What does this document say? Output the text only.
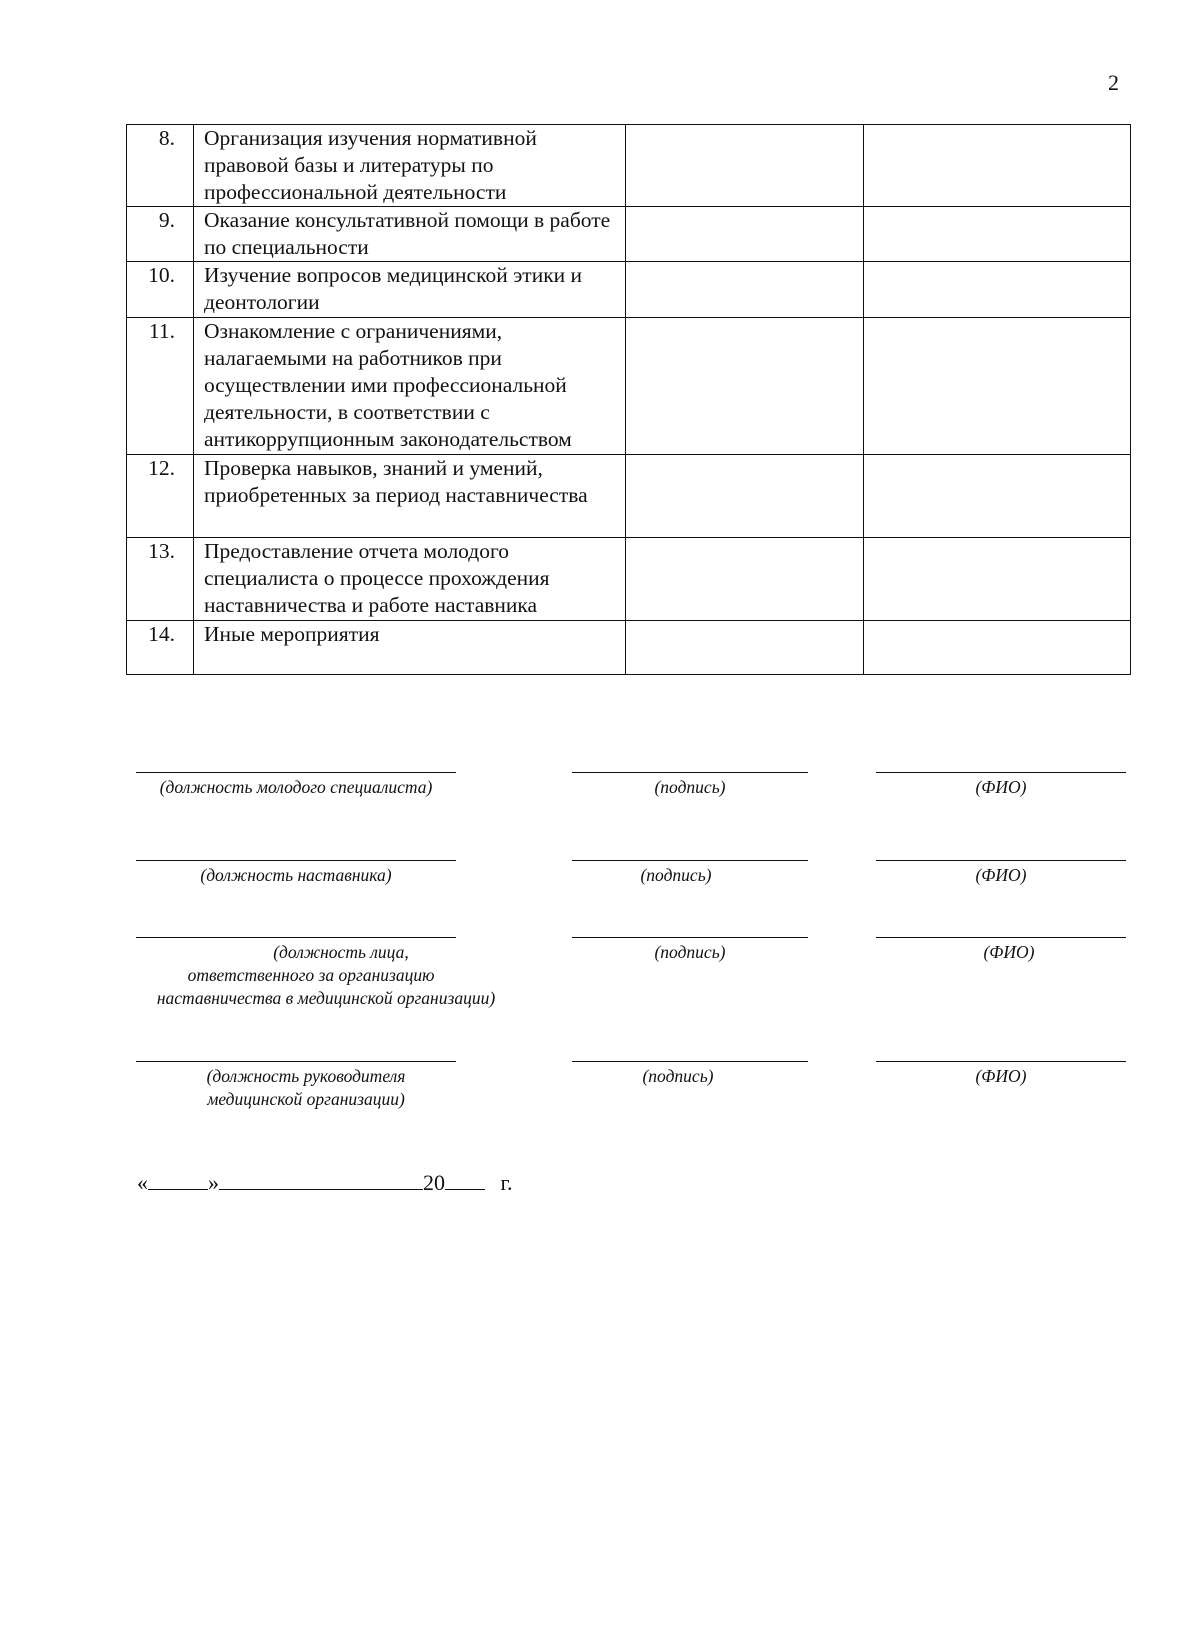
2
8.	Организация изучения нормативной правовой базы и литературы по профессиональной деятельности		
9.	Оказание консультативной помощи в работе по специальности		
10.	Изучение вопросов медицинской этики и деонтологии		
11.	Ознакомление с ограничениями, налагаемыми на работников при осуществлении ими профессиональной деятельности, в соответствии с антикоррупционным законодательством		
12.	Проверка навыков, знаний и умений, приобретенных за период наставничества		
13.	Предоставление отчета молодого специалиста о процессе прохождения наставничества и работе наставника		
14.	Иные мероприятия		
(должность молодого специалиста)	(подпись)	(ФИО)
(должность наставника)	(подпись)	(ФИО)
(должность лица,
ответственного за организацию
наставничества в медицинской организации)
(подпись)	(ФИО)
(должность руководителя
медицинской организации)
(подпись)	(ФИО)
«	»	20	г.
